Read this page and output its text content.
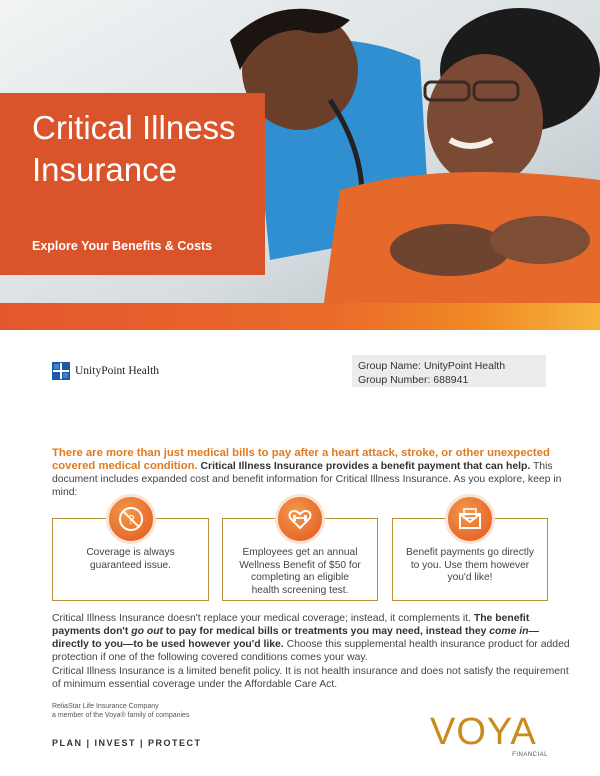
Critical Illness Insurance
Explore Your Benefits & Costs
UnityPoint Health	Group Name: UnityPoint Health
Group Number: 688941
There are more than just medical bills to pay after a heart attack, stroke, or other unexpected covered medical condition. Critical Illness Insurance provides a benefit payment that can help. This document includes expanded cost and benefit information for Critical Illness Insurance. As you explore, keep in mind:
Coverage is always guaranteed issue.
?
Employees get an annual Wellness Benefit of $50 for completing an eligible health screening test.
Benefit payments go directly to you. Use them however you'd like!
Critical Illness Insurance doesn't replace your medical coverage; instead, it complements it. The benefit payments don't go out to pay for medical bills or treatments you may need, instead they come in—directly to you—to be used however you'd like. Choose this supplemental health insurance product for added protection if one of the following covered conditions comes your way.
Critical Illness Insurance is a limited benefit policy. It is not health insurance and does not satisfy the requirement of minimum essential coverage under the Affordable Care Act.
ReliaStar Life Insurance Company
a member of the Voya® family of companies
PLAN | INVEST | PROTECT	VOYA
FINANCIAL
